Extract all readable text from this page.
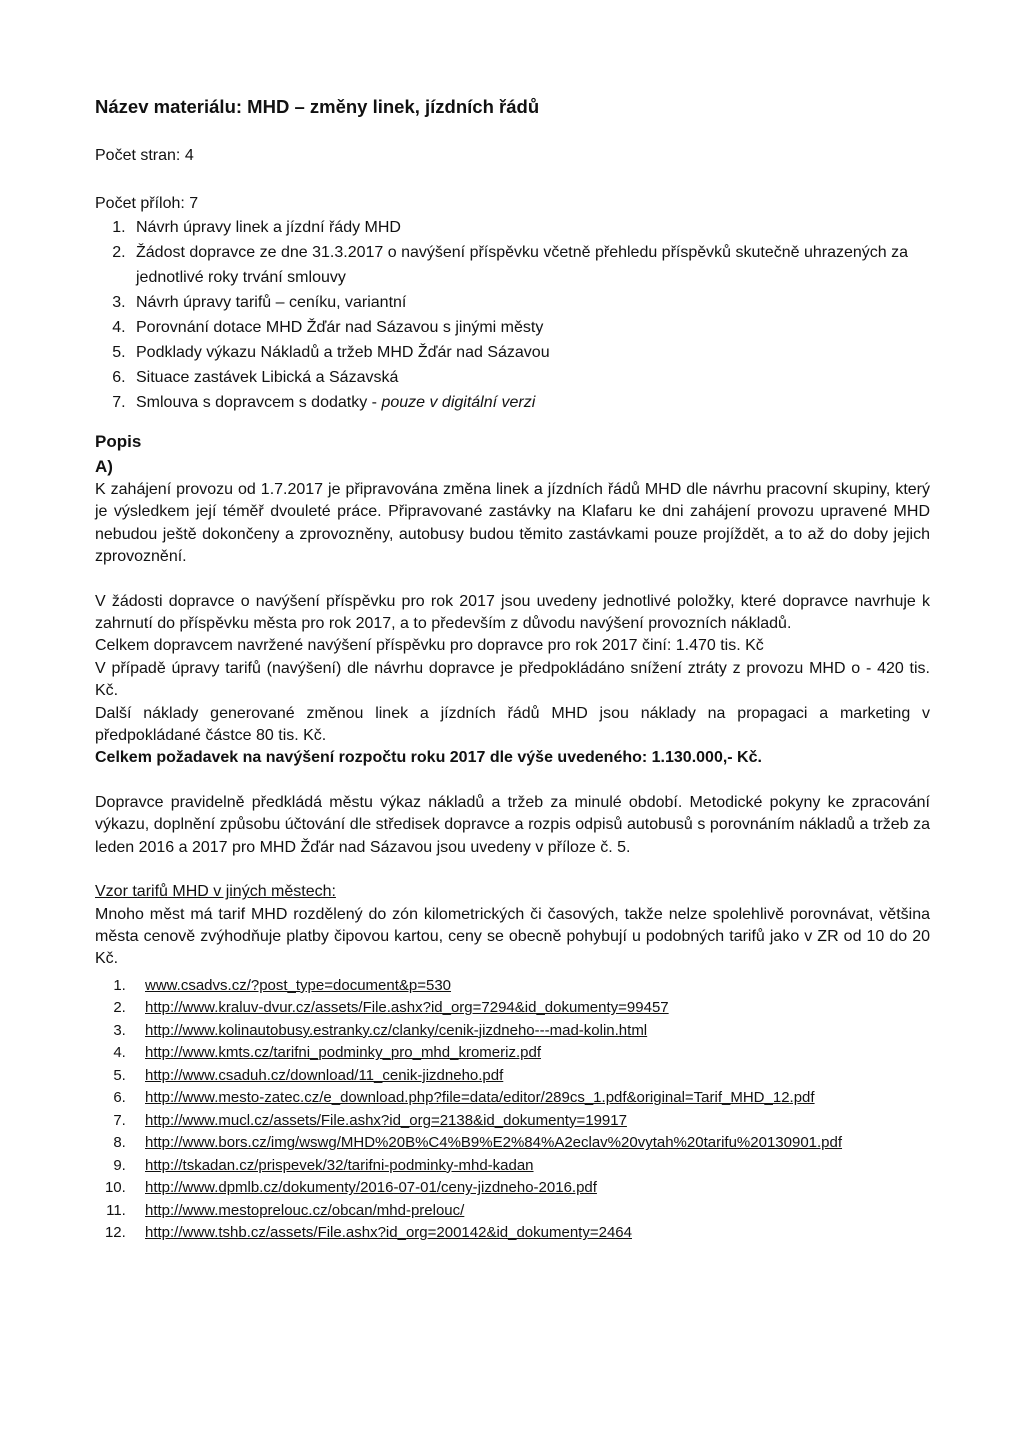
Název materiálu: MHD – změny linek, jízdních řádů
Počet stran: 4
Počet příloh: 7
1. Návrh úpravy linek a jízdní řády MHD
2. Žádost dopravce ze dne 31.3.2017 o navýšení příspěvku včetně přehledu příspěvků skutečně uhrazených za jednotlivé roky trvání smlouvy
3. Návrh úpravy tarifů – ceníku, variantní
4. Porovnání dotace MHD Žďár nad Sázavou s jinými městy
5. Podklady výkazu Nákladů a tržeb MHD Žďár nad Sázavou
6. Situace zastávek Libická a Sázavská
7. Smlouva s dopravcem s dodatky - pouze v digitální verzi
Popis
A)

K zahájení provozu od 1.7.2017 je připravována změna linek a jízdních řádů MHD dle návrhu pracovní skupiny, který je výsledkem její téměř dvouleté práce. Připravované zastávky na Klafaru ke dni zahájení provozu upravené MHD nebudou ještě dokončeny a zprovozněny, autobusy budou těmito zastávkami pouze projíždět, a to až do doby jejich zprovoznění.

V žádosti dopravce o navýšení příspěvku pro rok 2017 jsou uvedeny jednotlivé položky, které dopravce navrhuje k zahrnutí do příspěvku města pro rok 2017, a to především z důvodu navýšení provozních nákladů.

Celkem dopravcem navržené navýšení příspěvku pro dopravce pro rok 2017 činí: 1.470 tis. Kč

V případě úpravy tarifů (navýšení) dle návrhu dopravce je předpokládáno snížení ztráty z provozu MHD o - 420 tis. Kč.

Další náklady generované změnou linek a jízdních řádů MHD jsou náklady na propagaci a marketing v předpokládané částce 80 tis. Kč.

Celkem požadavek na navýšení rozpočtu roku 2017 dle výše uvedeného: 1.130.000,- Kč.

Dopravce pravidelně předkládá městu výkaz nákladů a tržeb za minulé období. Metodické pokyny ke zpracování výkazu, doplnění způsobu účtování dle středisek dopravce a rozpis odpisů autobusů s porovnáním nákladů a tržeb za leden 2016 a 2017 pro MHD Žďár nad Sázavou jsou uvedeny v příloze č. 5.

Vzor tarifů MHD v jiných městech:

Mnoho měst má tarif MHD rozdělený do zón kilometrických či časových, takže nelze spolehlivě porovnávat, většina města cenově zvýhodňuje platby čipovou kartou, ceny se obecně pohybují u podobných tarifů jako v ZR od 10 do 20 Kč.

1. www.csadvs.cz/?post_type=document&p=530
2. http://www.kraluv-dvur.cz/assets/File.ashx?id_org=7294&id_dokumenty=99457
3. http://www.kolinautobusy.estranky.cz/clanky/cenik-jizdneho---mad-kolin.html
4. http://www.kmts.cz/tarifni_podminky_pro_mhd_kromeriz.pdf
5. http://www.csaduh.cz/download/11_cenik-jizdneho.pdf
6. http://www.mesto-zatec.cz/e_download.php?file=data/editor/289cs_1.pdf&original=Tarif_MHD_12.pdf
7. http://www.mucl.cz/assets/File.ashx?id_org=2138&id_dokumenty=19917
8. http://www.bors.cz/img/wswg/MHD%20B%C4%B9%E2%84%A2eclav%20vytah%20tarifu%20130901.pdf
9. http://tskadan.cz/prispevek/32/tarifni-podminky-mhd-kadan
10. http://www.dpmlb.cz/dokumenty/2016-07-01/ceny-jizdneho-2016.pdf
11. http://www.mestoprelouc.cz/obcan/mhd-prelouc/
12. http://www.tshb.cz/assets/File.ashx?id_org=200142&id_dokumenty=2464
